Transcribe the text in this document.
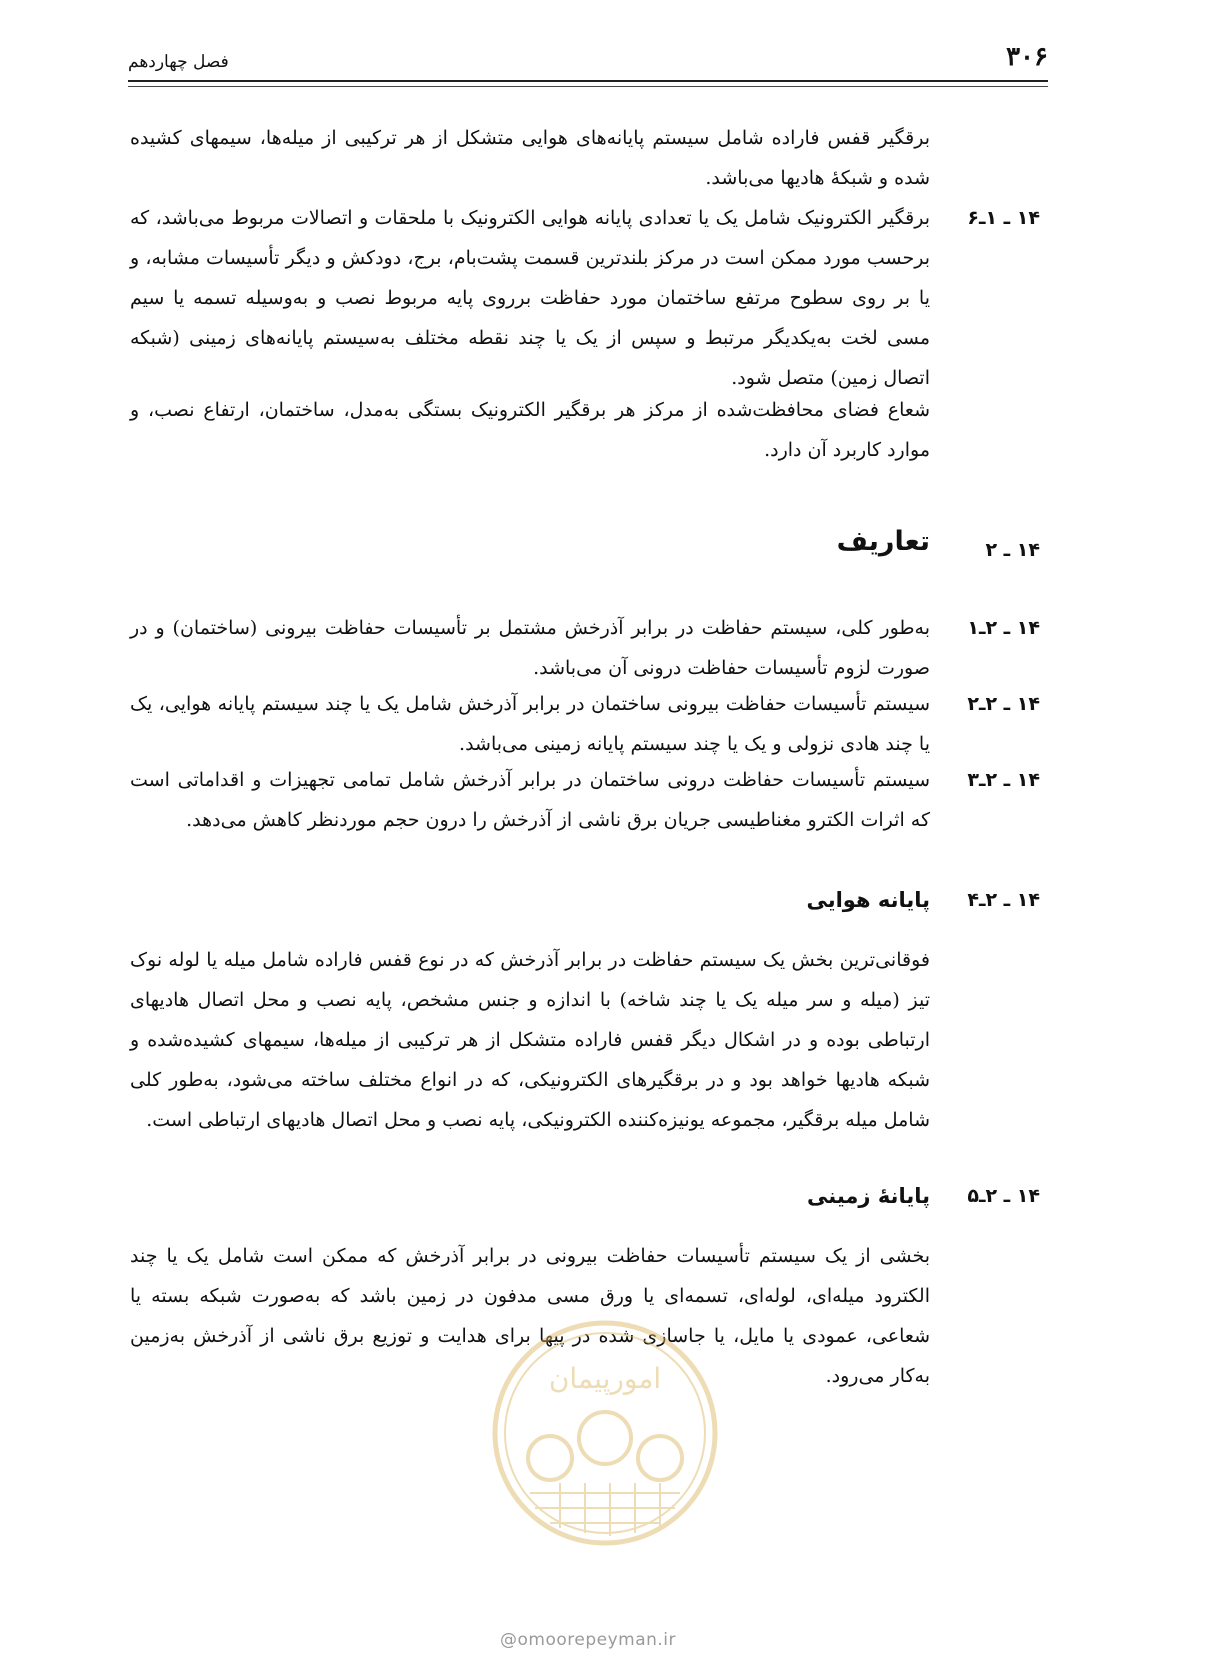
۳۰۶
فصل چهاردهم
برقگیر قفس فاراده شامل سیستم پایانه‌های هوایی متشکل از هر ترکیبی از میله‌ها، سیمهای کشیده شده و شبکهٔ هادیها می‌باشد.
۱۴ ـ ۱ـ۶
برقگیر الکترونیک شامل یک یا تعدادی پایانه هوایی الکترونیک با ملحقات و اتصالات مربوط می‌باشد، که برحسب مورد ممکن است در مرکز بلندترین قسمت پشت‌بام، برج، دودکش و دیگر تأسیسات مشابه، و یا بر روی سطوح مرتفع ساختمان مورد حفاظت برروی پایه مربوط نصب و به‌وسیله تسمه یا سیم مسی لخت به‌یکدیگر مرتبط و سپس از یک یا چند نقطه مختلف به‌سیستم پایانه‌های زمینی (شبکه اتصال زمین) متصل شود.
شعاع فضای محافظت‌شده از مرکز هر برقگیر الکترونیک بستگی به‌مدل، ساختمان، ارتفاع نصب، و موارد کاربرد آن دارد.
۱۴ ـ ۲
تعاریف
۱۴ ـ ۲ـ۱
به‌طور کلی، سیستم حفاظت در برابر آذرخش مشتمل بر تأسیسات حفاظت بیرونی (ساختمان) و در صورت لزوم تأسیسات حفاظت درونی آن می‌باشد.
۱۴ ـ ۲ـ۲
سیستم تأسیسات حفاظت بیرونی ساختمان در برابر آذرخش شامل یک یا چند سیستم پایانه هوایی، یک یا چند هادی نزولی و یک یا چند سیستم پایانه زمینی می‌باشد.
۱۴ ـ ۲ـ۳
سیستم تأسیسات حفاظت درونی ساختمان در برابر آذرخش شامل تمامی تجهیزات و اقداماتی است که اثرات الکترو مغناطیسی جریان برق ناشی از آذرخش را درون حجم موردنظر کاهش می‌دهد.
۱۴ ـ ۲ـ۴
پایانه هوایی
فوقانی‌ترین بخش یک سیستم حفاظت در برابر آذرخش که در نوع قفس فاراده شامل میله یا لوله نوک تیز (میله و سر میله یک یا چند شاخه) با اندازه و جنس مشخص، پایه نصب و محل اتصال هادیهای ارتباطی بوده و در اشکال دیگر قفس فاراده متشکل از هر ترکیبی از میله‌ها، سیمهای کشیده‌شده و شبکه هادیها خواهد بود و در برقگیرهای الکترونیکی، که در انواع مختلف ساخته می‌شود، به‌طور کلی شامل میله برقگیر، مجموعه یونیزه‌کننده الکترونیکی، پایه نصب و محل اتصال هادیهای ارتباطی است.
۱۴ ـ ۲ـ۵
پایانهٔ زمینی
بخشی از یک سیستم تأسیسات حفاظت بیرونی در برابر آذرخش که ممکن است شامل یک یا چند الکترود میله‌ای، لوله‌ای، تسمه‌ای یا ورق مسی مدفون در زمین باشد که به‌صورت شبکه بسته یا شعاعی، عمودی یا مایل، یا جاسازی شده در پیها برای هدایت و توزیع برق ناشی از آذرخش به‌زمین به‌کار می‌رود.
امورپیمان
@omoorepeyman.ir
